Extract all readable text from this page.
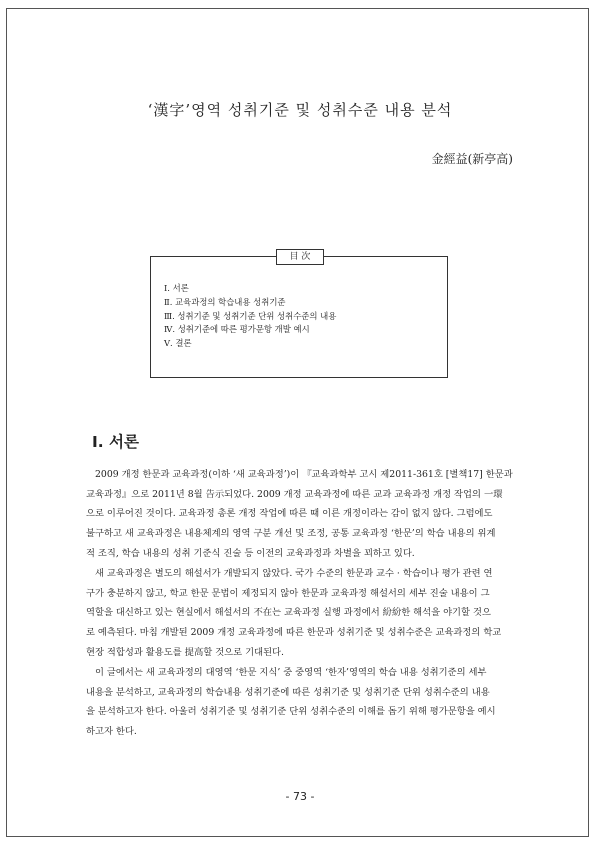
‘漢字’영역 성취기준 및 성취수준 내용 분석
金經益(新亭高)
目 次
Ⅰ. 서론
Ⅱ. 교육과정의 학습내용 성취기준
Ⅲ. 성취기준 및 성취기준 단위 성취수준의 내용
Ⅳ. 성취기준에 따른 평가문항 개발 예시
Ⅴ. 결론
Ⅰ. 서론
2009 개정 한문과 교육과정(이하 ‘새 교육과정’)이 『교육과학부 고시 제2011-361호 [별책17] 한문과
교육과정』으로 2011년 8월 告示되었다. 2009 개정 교육과정에 따른 교과 교육과정 개정 작업의 一環
으로 이루어진 것이다. 교육과정 총론 개정 작업에 따른 때 이른 개정이라는 감이 없지 않다. 그럼에도
불구하고 새 교육과정은 내용체계의 영역 구분 개선 및 조정, 공통 교육과정 ‘한문’의 학습 내용의 위계
적 조직, 학습 내용의 성취 기준식 진술 등 이전의 교육과정과 차별을 꾀하고 있다.
새 교육과정은 별도의 해설서가 개발되지 않았다. 국가 수준의 한문과 교수 · 학습이나 평가 관련 연
구가 충분하지 않고, 학교 한문 문법이 제정되지 않아 한문과 교육과정 해설서의 세부 진술 내용이 그
역할을 대신하고 있는 현실에서 해설서의 不在는 교육과정 실행 과정에서 紛紛한 해석을 야기할 것으
로 예측된다. 마침 개발된 2009 개정 교육과정에 따른 한문과 성취기준 및 성취수준은 교육과정의 학교
현장 적합성과 활용도를 提高할 것으로 기대된다.
이 글에서는 새 교육과정의 대영역 ‘한문 지식’ 중 중영역 ‘한자’영역의 학습 내용 성취기준의 세부
내용을 분석하고, 교육과정의 학습내용 성취기준에 따른 성취기준 및 성취기준 단위 성취수준의 내용
을 분석하고자 한다. 아울러 성취기준 및 성취기준 단위 성취수준의 이해를 돕기 위해 평가문항을 예시
하고자 한다.
- 73 -
